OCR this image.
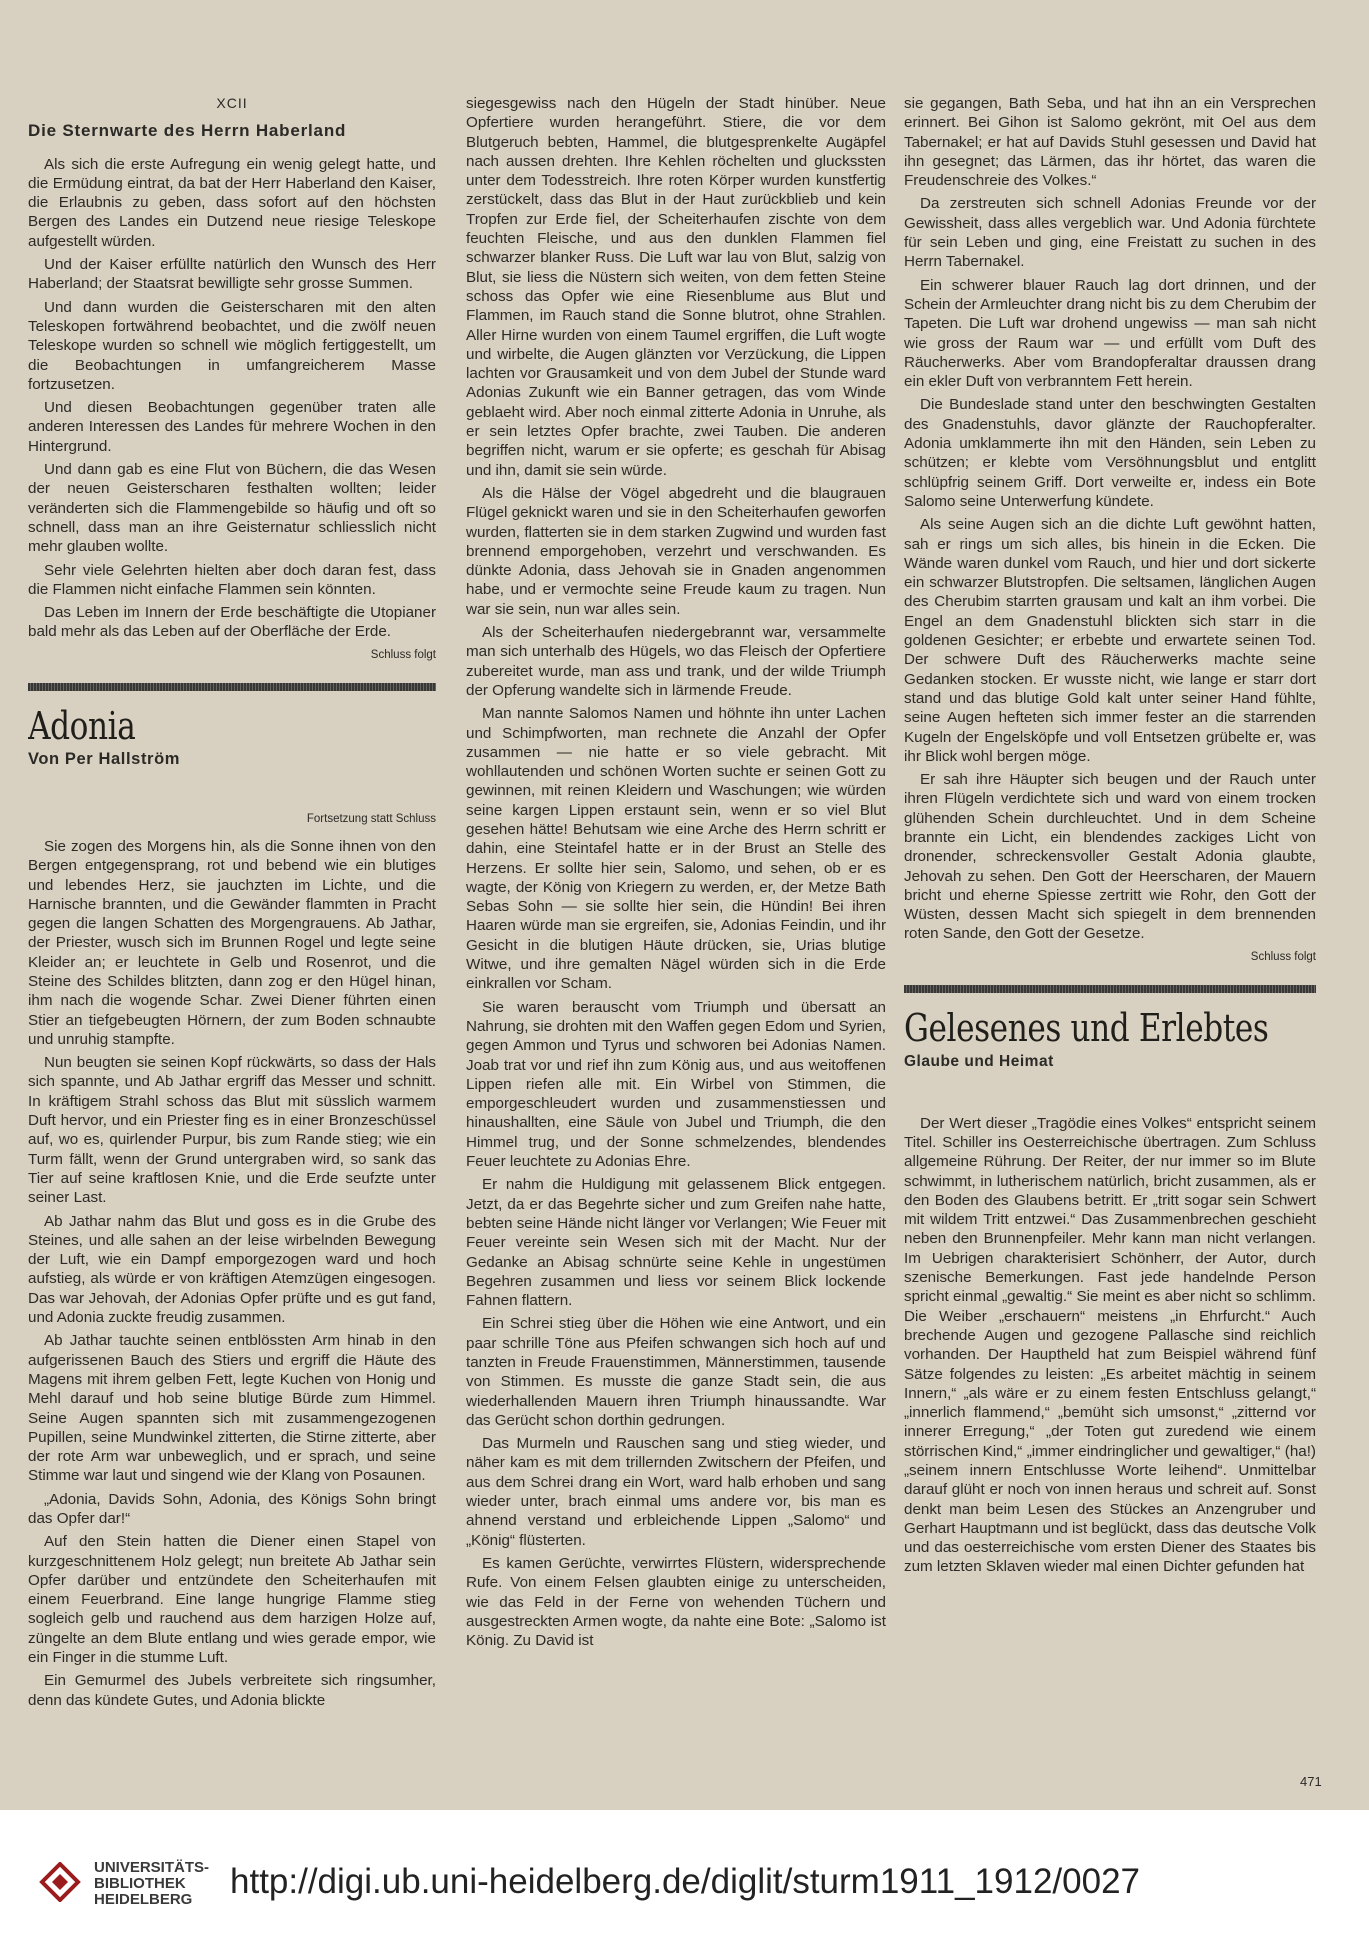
XCII
Die Sternwarte des Herrn Haberland

Als sich die erste Aufregung ein wenig gelegt hatte, und die Ermüdung eintrat, da bat der Herr Haberland den Kaiser, die Erlaubnis zu geben, dass sofort auf den höchsten Bergen des Landes ein Dutzend neue riesige Teleskope aufgestellt würden.

Und der Kaiser erfüllte natürlich den Wunsch des Herr Haberland; der Staatsrat bewilligte sehr grosse Summen.

Und dann wurden die Geisterscharen mit den alten Teleskopen fortwährend beobachtet, und die zwölf neuen Teleskope wurden so schnell wie möglich fertiggestellt, um die Beobachtungen in umfangreicherem Masse fortzusetzen.

Und diesen Beobachtungen gegenüber traten alle anderen Interessen des Landes für mehrere Wochen in den Hintergrund.

Und dann gab es eine Flut von Büchern, die das Wesen der neuen Geisterscharen festhalten wollten; leider veränderten sich die Flammengebilde so häufig und oft so schnell, dass man an ihre Geisternatur schliesslich nicht mehr glauben wollte.

Sehr viele Gelehrten hielten aber doch daran fest, dass die Flammen nicht einfache Flammen sein könnten.

Das Leben im Innern der Erde beschäftigte die Utopianer bald mehr als das Leben auf der Oberfläche der Erde.

Schluss folgt
Adonia
Von Per Hallström
Fortsetzung statt Schluss

Sie zogen des Morgens hin, als die Sonne ihnen von den Bergen entgegensprang, rot und bebend wie ein blutiges und lebendes Herz, sie jauchzten im Lichte, und die Harnische brannten, und die Gewänder flammten in Pracht gegen die langen Schatten des Morgengrauens. Ab Jathar, der Priester, wusch sich im Brunnen Rogel und legte seine Kleider an; er leuchtete in Gelb und Rosenrot, und die Steine des Schildes blitzten, dann zog er den Hügel hinan, ihm nach die wogende Schar. Zwei Diener führten einen Stier an tiefgebeugten Hörnern, der zum Boden schnaubte und unruhig stampfte.

Nun beugten sie seinen Kopf rückwärts, so dass der Hals sich spannte, und Ab Jathar ergriff das Messer und schnitt. In kräftigem Strahl schoss das Blut mit süsslich warmem Duft hervor, und ein Priester fing es in einer Bronzeschüssel auf, wo es, quirlender Purpur, bis zum Rande stieg; wie ein Turm fällt, wenn der Grund untergraben wird, so sank das Tier auf seine kraftlosen Knie, und die Erde seufzte unter seiner Last.

Ab Jathar nahm das Blut und goss es in die Grube des Steines, und alle sahen an der leise wirbelnden Bewegung der Luft, wie ein Dampf emporgezogen ward und hoch aufstieg, als würde er von kräftigen Atemzügen eingesogen. Das war Jehovah, der Adonias Opfer prüfte und es gut fand, und Adonia zuckte freudig zusammen.

Ab Jathar tauchte seinen entblössten Arm hinab in den aufgerissenen Bauch des Stiers und ergriff die Häute des Magens mit ihrem gelben Fett, legte Kuchen von Honig und Mehl darauf und hob seine blutige Bürde zum Himmel. Seine Augen spannten sich mit zusammengezogenen Pupillen, seine Mundwinkel zitterten, die Stirne zitterte, aber der rote Arm war unbeweglich, und er sprach, und seine Stimme war laut und singend wie der Klang von Posaunen.

„Adonia, Davids Sohn, Adonia, des Königs Sohn bringt das Opfer dar!“

Auf den Stein hatten die Diener einen Stapel von kurzgeschnittenem Holz gelegt; nun breitete Ab Jathar sein Opfer darüber und entzündete den Scheiterhaufen mit einem Feuerbrand. Eine lange hungrige Flamme stieg sogleich gelb und rauchend aus dem harzigen Holze auf, züngelte an dem Blute entlang und wies gerade empor, wie ein Finger in die stumme Luft.

Ein Gemurmel des Jubels verbreitete sich ringsumher, denn das kündete Gutes, und Adonia blickte

siegesgewiss nach den Hügeln der Stadt hinüber. Neue Opfertiere wurden herangeführt. Stiere, die vor dem Blutgeruch bebten, Hammel, die blutgesprenkelte Augäpfel nach aussen drehten. Ihre Kehlen röchelten und gluckssten unter dem Todesstreich. Ihre roten Körper wurden kunstfertig zerstückelt, dass das Blut in der Haut zurückblieb und kein Tropfen zur Erde fiel, der Scheiterhaufen zischte von dem feuchten Fleische, und aus den dunklen Flammen fiel schwarzer blanker Russ. Die Luft war lau von Blut, salzig von Blut, sie liess die Nüstern sich weiten, von dem fetten Steine schoss das Opfer wie eine Riesenblume aus Blut und Flammen, im Rauch stand die Sonne blutrot, ohne Strahlen. Aller Hirne wurden von einem Taumel ergriffen, die Luft wogte und wirbelte, die Augen glänzten vor Verzückung, die Lippen lachten vor Grausamkeit und von dem Jubel der Stunde ward Adonias Zukunft wie ein Banner getragen, das vom Winde geblaeht wird. Aber noch einmal zitterte Adonia in Unruhe, als er sein letztes Opfer brachte, zwei Tauben. Die anderen begriffen nicht, warum er sie opferte; es geschah für Abisag und ihn, damit sie sein würde.

Als die Hälse der Vögel abgedreht und die blaugrauen Flügel geknickt waren und sie in den Scheiterhaufen geworfen wurden, flatterten sie in dem starken Zugwind und wurden fast brennend emporgehoben, verzehrt und verschwanden. Es dünkte Adonia, dass Jehovah sie in Gnaden angenommen habe, und er vermochte seine Freude kaum zu tragen. Nun war sie sein, nun war alles sein.

Als der Scheiterhaufen niedergebrannt war, versammelte man sich unterhalb des Hügels, wo das Fleisch der Opfertiere zubereitet wurde, man ass und trank, und der wilde Triumph der Opferung wandelte sich in lärmende Freude.

Man nannte Salomos Namen und höhnte ihn unter Lachen und Schimpfworten, man rechnete die Anzahl der Opfer zusammen — nie hatte er so viele gebracht. Mit wohllautenden und schönen Worten suchte er seinen Gott zu gewinnen, mit reinen Kleidern und Waschungen; wie würden seine kargen Lippen erstaunt sein, wenn er so viel Blut gesehen hätte! Behutsam wie eine Arche des Herrn schritt er dahin, eine Steintafel hatte er in der Brust an Stelle des Herzens. Er sollte hier sein, Salomo, und sehen, ob er es wagte, der König von Kriegern zu werden, er, der Metze Bath Sebas Sohn — sie sollte hier sein, die Hündin! Bei ihren Haaren würde man sie ergreifen, sie, Adonias Feindin, und ihr Gesicht in die blutigen Häute drücken, sie, Urias blutige Witwe, und ihre gemalten Nägel würden sich in die Erde einkrallen vor Scham.

Sie waren berauscht vom Triumph und übersatt an Nahrung, sie drohten mit den Waffen gegen Edom und Syrien, gegen Ammon und Tyrus und schworen bei Adonias Namen. Joab trat vor und rief ihn zum König aus, und aus weitoffenen Lippen riefen alle mit. Ein Wirbel von Stimmen, die emporgeschleudert wurden und zusammenstiessen und hinaushallten, eine Säule von Jubel und Triumph, die den Himmel trug, und der Sonne schmelzendes, blendendes Feuer leuchtete zu Adonias Ehre.

Er nahm die Huldigung mit gelassenem Blick entgegen. Jetzt, da er das Begehrte sicher und zum Greifen nahe hatte, bebten seine Hände nicht länger vor Verlangen; Wie Feuer mit Feuer vereinte sein Wesen sich mit der Macht. Nur der Gedanke an Abisag schnürte seine Kehle in ungestümen Begehren zusammen und liess vor seinem Blick lockende Fahnen flattern.

Ein Schrei stieg über die Höhen wie eine Antwort, und ein paar schrille Töne aus Pfeifen schwangen sich hoch auf und tanzten in Freude Frauenstimmen, Männerstimmen, tausende von Stimmen. Es musste die ganze Stadt sein, die aus wiederhallenden Mauern ihren Triumph hinaussandte. War das Gerücht schon dorthin gedrungen.

Das Murmeln und Rauschen sang und stieg wieder, und näher kam es mit dem trillernden Zwitschern der Pfeifen, und aus dem Schrei drang ein Wort, ward halb erhoben und sang wieder unter, brach einmal ums andere vor, bis man es ahnend verstand und erbleichende Lippen „Salomo“ und „König“ flüsterten.

Es kamen Gerüchte, verwirrtes Flüstern, widersprechende Rufe. Von einem Felsen glaubten einige zu unterscheiden, wie das Feld in der Ferne von wehenden Tüchern und ausgestreckten Armen wogte, da nahte eine Bote: „Salomo ist König. Zu David ist

sie gegangen, Bath Seba, und hat ihn an ein Versprechen erinnert. Bei Gihon ist Salomo gekrönt, mit Oel aus dem Tabernakel; er hat auf Davids Stuhl gesessen und David hat ihn gesegnet; das Lärmen, das ihr hörtet, das waren die Freudenschreie des Volkes.“

Da zerstreuten sich schnell Adonias Freunde vor der Gewissheit, dass alles vergeblich war. Und Adonia fürchtete für sein Leben und ging, eine Freistatt zu suchen in des Herrn Tabernakel.

Ein schwerer blauer Rauch lag dort drinnen, und der Schein der Armleuchter drang nicht bis zu dem Cherubim der Tapeten. Die Luft war drohend ungewiss — man sah nicht wie gross der Raum war — und erfüllt vom Duft des Räucherwerks. Aber vom Brandopferaltar draussen drang ein ekler Duft von verbranntem Fett herein.

Die Bundeslade stand unter den beschwingten Gestalten des Gnadenstuhls, davor glänzte der Rauchopferalter. Adonia umklammerte ihn mit den Händen, sein Leben zu schützen; er klebte vom Versöhnungsblut und entglitt schlüpfrig seinem Griff. Dort verweilte er, indess ein Bote Salomo seine Unterwerfung kündete.

Als seine Augen sich an die dichte Luft gewöhnt hatten, sah er rings um sich alles, bis hinein in die Ecken. Die Wände waren dunkel vom Rauch, und hier und dort sickerte ein schwarzer Blutstropfen. Die seltsamen, länglichen Augen des Cherubim starrten grausam und kalt an ihm vorbei. Die Engel an dem Gnadenstuhl blickten sich starr in die goldenen Gesichter; er erbebte und erwartete seinen Tod. Der schwere Duft des Räucherwerks machte seine Gedanken stocken. Er wusste nicht, wie lange er starr dort stand und das blutige Gold kalt unter seiner Hand fühlte, seine Augen hefteten sich immer fester an die starrenden Kugeln der Engelsköpfe und voll Entsetzen grübelte er, was ihr Blick wohl bergen möge.

Er sah ihre Häupter sich beugen und der Rauch unter ihren Flügeln verdichtete sich und ward von einem trocken glühenden Schein durchleuchtet. Und in dem Scheine brannte ein Licht, ein blendendes zackiges Licht von dronender, schreckensvoller Gestalt Adonia glaubte, Jehovah zu sehen. Den Gott der Heerscharen, der Mauern bricht und eherne Spiesse zertritt wie Rohr, den Gott der Wüsten, dessen Macht sich spiegelt in dem brennenden roten Sande, den Gott der Gesetze.

Schluss folgt
Gelesenes und Erlebtes
Glaube und Heimat

Der Wert dieser „Tragödie eines Volkes“ entspricht seinem Titel. Schiller ins Oesterreichische übertragen. Zum Schluss allgemeine Rührung. Der Reiter, der nur immer so im Blute schwimmt, in lutherischem natürlich, bricht zusammen, als er den Boden des Glaubens betritt. Er „tritt sogar sein Schwert mit wildem Tritt entzwei.“ Das Zusammenbrechen geschieht neben den Brunnenpfeiler. Mehr kann man nicht verlangen. Im Uebrigen charakterisiert Schönherr, der Autor, durch szenische Bemerkungen. Fast jede handelnde Person spricht einmal „gewaltig.“ Sie meint es aber nicht so schlimm. Die Weiber „erschauern“ meistens „in Ehrfurcht.“ Auch brechende Augen und gezogene Pallasche sind reichlich vorhanden. Der Hauptheld hat zum Beispiel während fünf Sätze folgendes zu leisten: „Es arbeitet mächtig in seinem Innern,“ „als wäre er zu einem festen Entschluss gelangt,“ „innerlich flammend,“ „bemüht sich umsonst,“ „zitternd vor innerer Erregung,“ „der Toten gut zuredend wie einem störrischen Kind,“ „immer eindringlicher und gewaltiger,“ (ha!) „seinem innern Entschlusse Worte leihend“. Unmittelbar darauf glüht er noch von innen heraus und schreit auf. Sonst denkt man beim Lesen des Stückes an Anzengruber und Gerhart Hauptmann und ist beglückt, dass das deutsche Volk und das oesterreichische vom ersten Diener des Staates bis zum letzten Sklaven wieder mal einen Dichter gefunden hat

471
UNIVERSITÄTS-
BIBLIOTHEK
HEIDELBERG	http://digi.ub.uni-heidelberg.de/diglit/sturm1911_1912/0027
